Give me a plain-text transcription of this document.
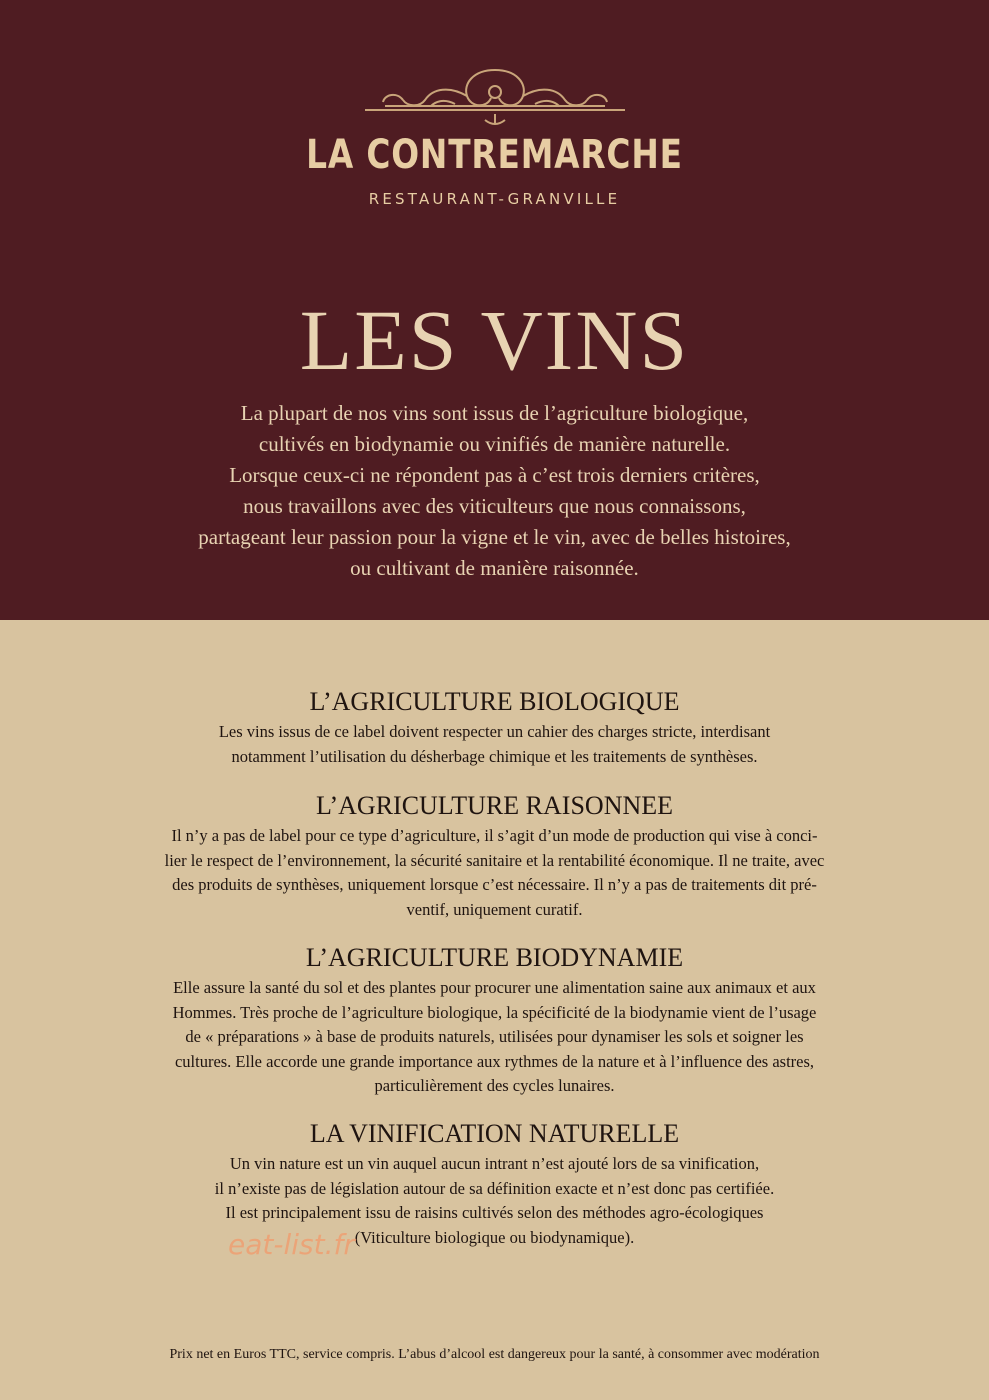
LA CONTREMARCHE
RESTAURANT-GRANVILLE
LES VINS
La plupart de nos vins sont issus de l’agriculture biologique,
cultivés en biodynamie ou vinifiés de manière naturelle.
Lorsque ceux-ci ne répondent pas à c’est trois derniers critères,
nous travaillons avec des viticulteurs que nous connaissons,
partageant leur passion pour la vigne et le vin, avec de belles histoires,
ou cultivant de manière raisonnée.
L’AGRICULTURE BIOLOGIQUE
Les vins issus de ce label doivent respecter un cahier des charges stricte, interdisant
notamment l’utilisation du désherbage chimique et les traitements de synthèses.
L’AGRICULTURE RAISONNEE
Il n’y a pas de label pour ce type d’agriculture, il s’agit d’un mode de production qui vise à conci-
lier le respect de l’environnement, la sécurité sanitaire et la rentabilité économique. Il ne traite, avec
des produits de synthèses, uniquement lorsque c’est nécessaire. Il n’y a pas de traitements dit pré-
ventif, uniquement curatif.
L’AGRICULTURE BIODYNAMIE
Elle assure la santé du sol et des plantes pour procurer une alimentation saine aux animaux et aux
Hommes. Très proche de l’agriculture biologique, la spécificité de la biodynamie vient de l’usage
de « préparations » à base de produits naturels, utilisées pour dynamiser les sols et soigner les
cultures. Elle accorde une grande importance aux rythmes de la nature et à l’influence des astres,
particulièrement des cycles lunaires.
LA VINIFICATION NATURELLE
Un vin nature est un vin auquel aucun intrant n’est ajouté lors de sa vinification,
il n’existe pas de législation autour de sa définition exacte et n’est donc pas certifiée.
Il est principalement issu de raisins cultivés selon des méthodes agro-écologiques
(Viticulture biologique ou biodynamique).
eat-list.fr
Prix net en Euros TTC, service compris. L’abus d’alcool est dangereux pour la santé, à consommer avec modération
